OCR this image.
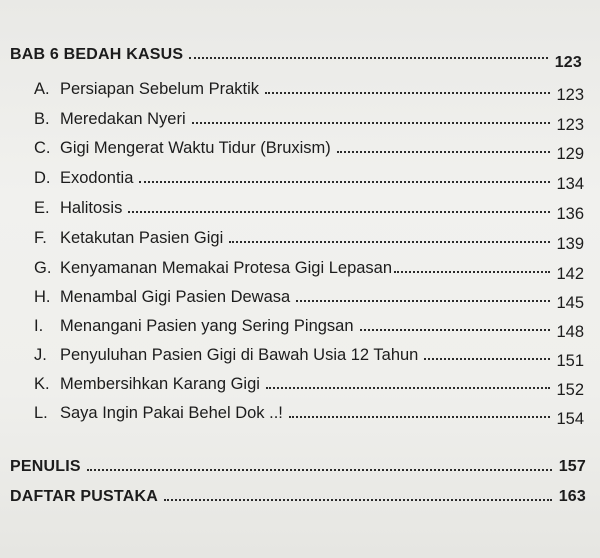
BAB 6 BEDAH KASUS	123
A. Persiapan Sebelum Praktik	123
B. Meredakan Nyeri	123
C. Gigi Mengerat Waktu Tidur (Bruxism)	129
D. Exodontia	134
E. Halitosis	136
F. Ketakutan Pasien Gigi	139
G. Kenyamanan Memakai Protesa Gigi Lepasan	142
H. Menambal Gigi Pasien Dewasa	145
I.	Menangani Pasien yang Sering Pingsan	148
J. Penyuluhan Pasien Gigi di Bawah Usia 12 Tahun	151
K. Membersihkan Karang Gigi	152
L. Saya Ingin Pakai Behel Dok ..!	154
PENULIS	157
DAFTAR PUSTAKA	163
